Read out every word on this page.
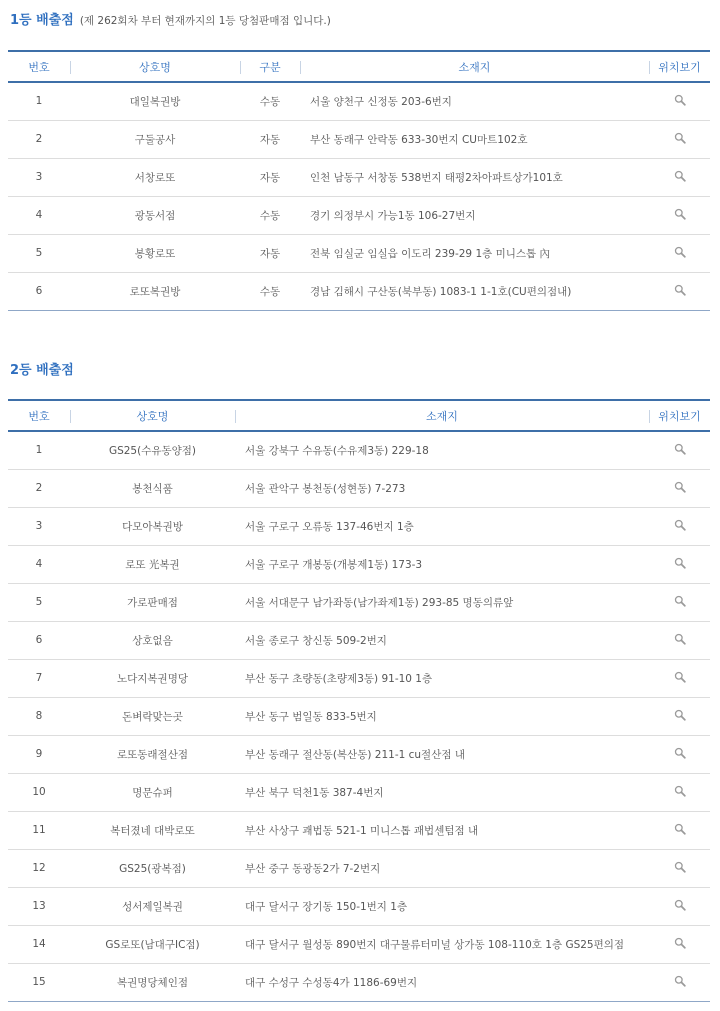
1등 배출점 (제 262회차 부터 현재까지의 1등 당첨판매점 입니다.)
번호	상호명	구분	소재지	위치보기
1	대일복권방	수동	서울 양천구 신정동 203-6번지	
2	구둘공사	자동	부산 동래구 안락동 633-30번지 CU마트102호	
3	서창로또	자동	인천 남동구 서창동 538번지 태평2차아파트상가101호	
4	광동서점	수동	경기 의정부시 가능1동 106-27번지	
5	봉황로또	자동	전북 임실군 임실읍 이도리 239-29 1층 미니스톱 內	
6	로또복권방	수동	경남 김해시 구산동(북부동) 1083-1 1-1호(CU편의점내)	
2등 배출점
번호	상호명	소재지	위치보기
1	GS25(수유동양점)	서울 강북구 수유동(수유제3동) 229-18	
2	봉천식품	서울 관악구 봉천동(성현동) 7-273	
3	다모아복권방	서울 구로구 오류동 137-46번지 1층	
4	로또 光복권	서울 구로구 개봉동(개봉제1동) 173-3	
5	가로판매점	서울 서대문구 남가좌동(남가좌제1동) 293-85 명동의류앞	
6	상호없음	서울 종로구 창신동 509-2번지	
7	노다지복권명당	부산 동구 초량동(초량제3동) 91-10 1층	
8	돈벼락맞는곳	부산 동구 범일동 833-5번지	
9	로또동래절산점	부산 동래구 절산동(복산동) 211-1 cu절산점 내	
10	명문슈퍼	부산 북구 덕천1동 387-4번지	
11	복터졌네 대박로또	부산 사상구 괘법동 521-1 미니스톱 괘법센텀점 내	
12	GS25(광복점)	부산 중구 동광동2가 7-2번지	
13	성서제일복권	대구 달서구 장기동 150-1번지 1층	
14	GS로또(남대구IC점)	대구 달서구 월성동 890번지 대구물류터미널 상가동 108-110호 1층 GS25편의점	
15	복권명당체인점	대구 수성구 수성동4가 1186-69번지	
